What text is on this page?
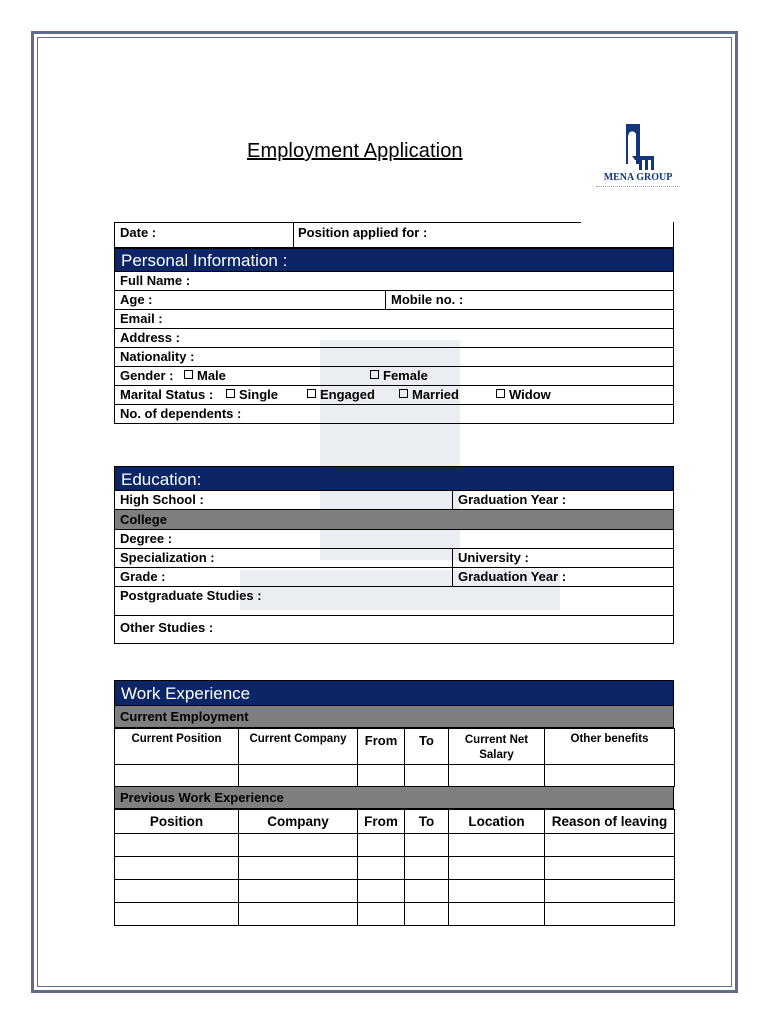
Employment Application
MENA GROUP
Date :	Position applied for :
Personal Information :
Full Name :
Age :	Mobile no. :
Email :
Address :
Nationality :
Gender :	Male	Female
Marital Status :	Single	Engaged	Married	Widow
No. of dependents :
Education:
High School :	Graduation Year :
College
Degree :
Specialization :	University :
Grade :	Graduation Year :
Postgraduate Studies :
Other Studies :
Work Experience
Current Employment
Current Position	Current Company	From	To	Current Net Salary	Other benefits

Previous Work Experience
Position	Company	From	To	Location	Reason of leaving
